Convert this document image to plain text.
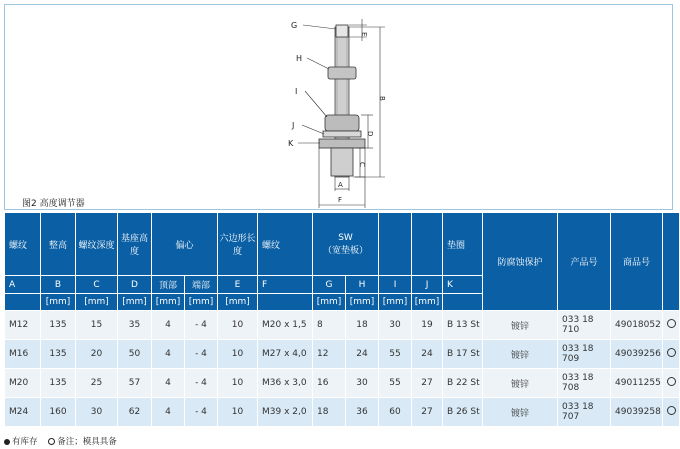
G
H
I
J
K
E
B
D
C
A
F
图2 高度调节器
螺纹	整高	螺纹深度	基座高度	偏心		六边形长度	螺纹	SW
（宽垫板）				垫圈	防腐蚀保护	产品号	商品号	
A	B	C	D	顶部	端部	E	F	G	H	I	J	K				
	[mm]	[mm]	[mm]	[mm]	[mm]	[mm]		[mm]	[mm]	[mm]	[mm]					
M12	135	15	35	4	- 4	10	M20 x 1,5	8	18	30	19	B 13 St	镀锌	033 18 710	49018052	
M16	135	20	50	4	- 4	10	M27 x 4,0	12	24	55	24	B 17 St	镀锌	033 18 709	49039256	
M20	135	25	57	4	- 4	10	M36 x 3,0	16	30	55	27	B 22 St	镀锌	033 18 708	49011255	
M24	160	30	62	4	- 4	10	M39 x 2,0	18	36	60	27	B 26 St	镀锌	033 18 707	49039258	
有库存 备注；模具具备
